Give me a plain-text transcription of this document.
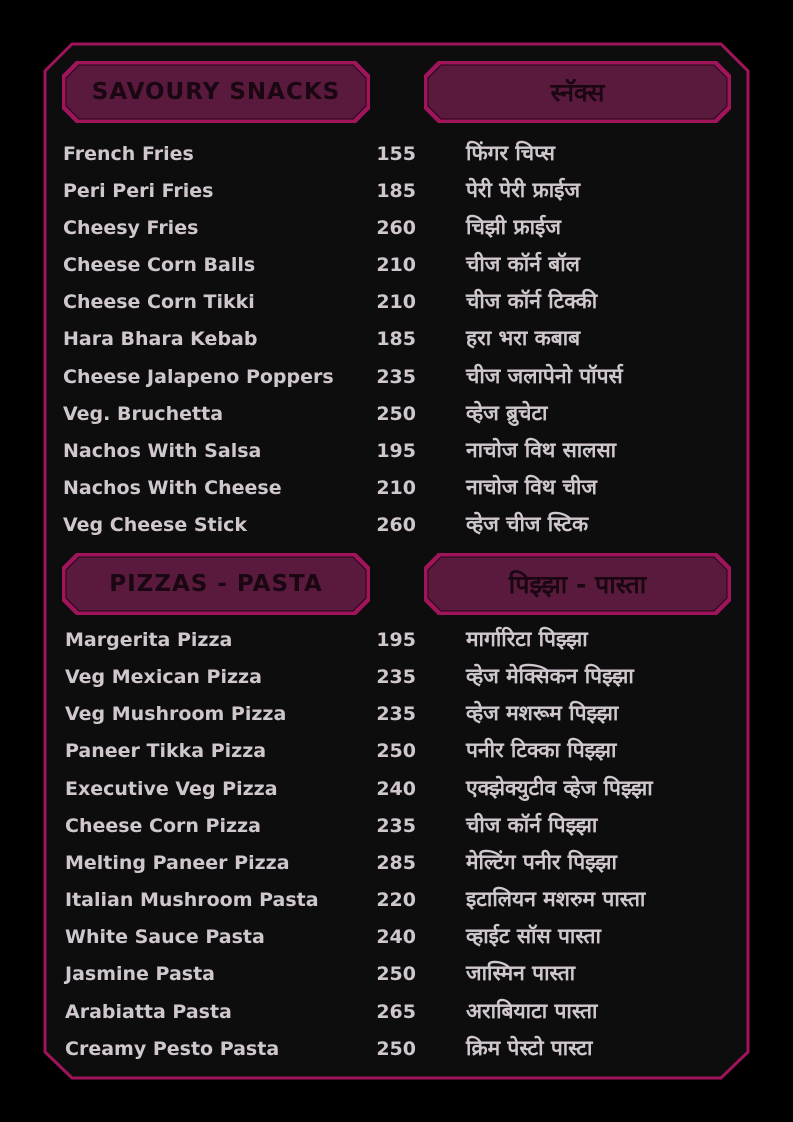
SAVOURY SNACKS	स्नॅक्स
PIZZAS - PASTA	पिझ्झा - पास्ता
French Fries	155 फिंगर चिप्स
Peri Peri Fries	185 पेरी पेरी फ्राईज
Cheesy Fries	260 चिझी फ्राईज
Cheese Corn Balls	210 चीज कॉर्न बॉल
Cheese Corn Tikki	210 चीज कॉर्न टिक्की
Hara Bhara Kebab	185 हरा भरा कबाब
Cheese Jalapeno Poppers	235 चीज जलापेनो पॉपर्स
Veg. Bruchetta	250 व्हेज ब्रुचेटा
Nachos With Salsa	195 नाचोज विथ सालसा
Nachos With Cheese	210 नाचोज विथ चीज
Veg Cheese Stick	260 व्हेज चीज स्टिक
Margerita Pizza	195 मार्गारिटा पिझ्झा
Veg Mexican Pizza	235 व्हेज मेक्सिकन पिझ्झा
Veg Mushroom Pizza	235 व्हेज मशरूम पिझ्झा
Paneer Tikka Pizza	250 पनीर टिक्का पिझ्झा
Executive Veg Pizza	240 एक्झेक्युटीव व्हेज पिझ्झा
Cheese Corn Pizza	235 चीज कॉर्न पिझ्झा
Melting Paneer Pizza	285 मेल्टिंग पनीर पिझ्झा
Italian Mushroom Pasta	220 इटालियन मशरुम पास्ता
White Sauce Pasta	240 व्हाईट सॉस पास्ता
Jasmine Pasta	250 जास्मिन पास्ता
Arabiatta Pasta	265 अराबियाटा पास्ता
Creamy Pesto Pasta	250 क्रिम पेस्टो पास्टा
